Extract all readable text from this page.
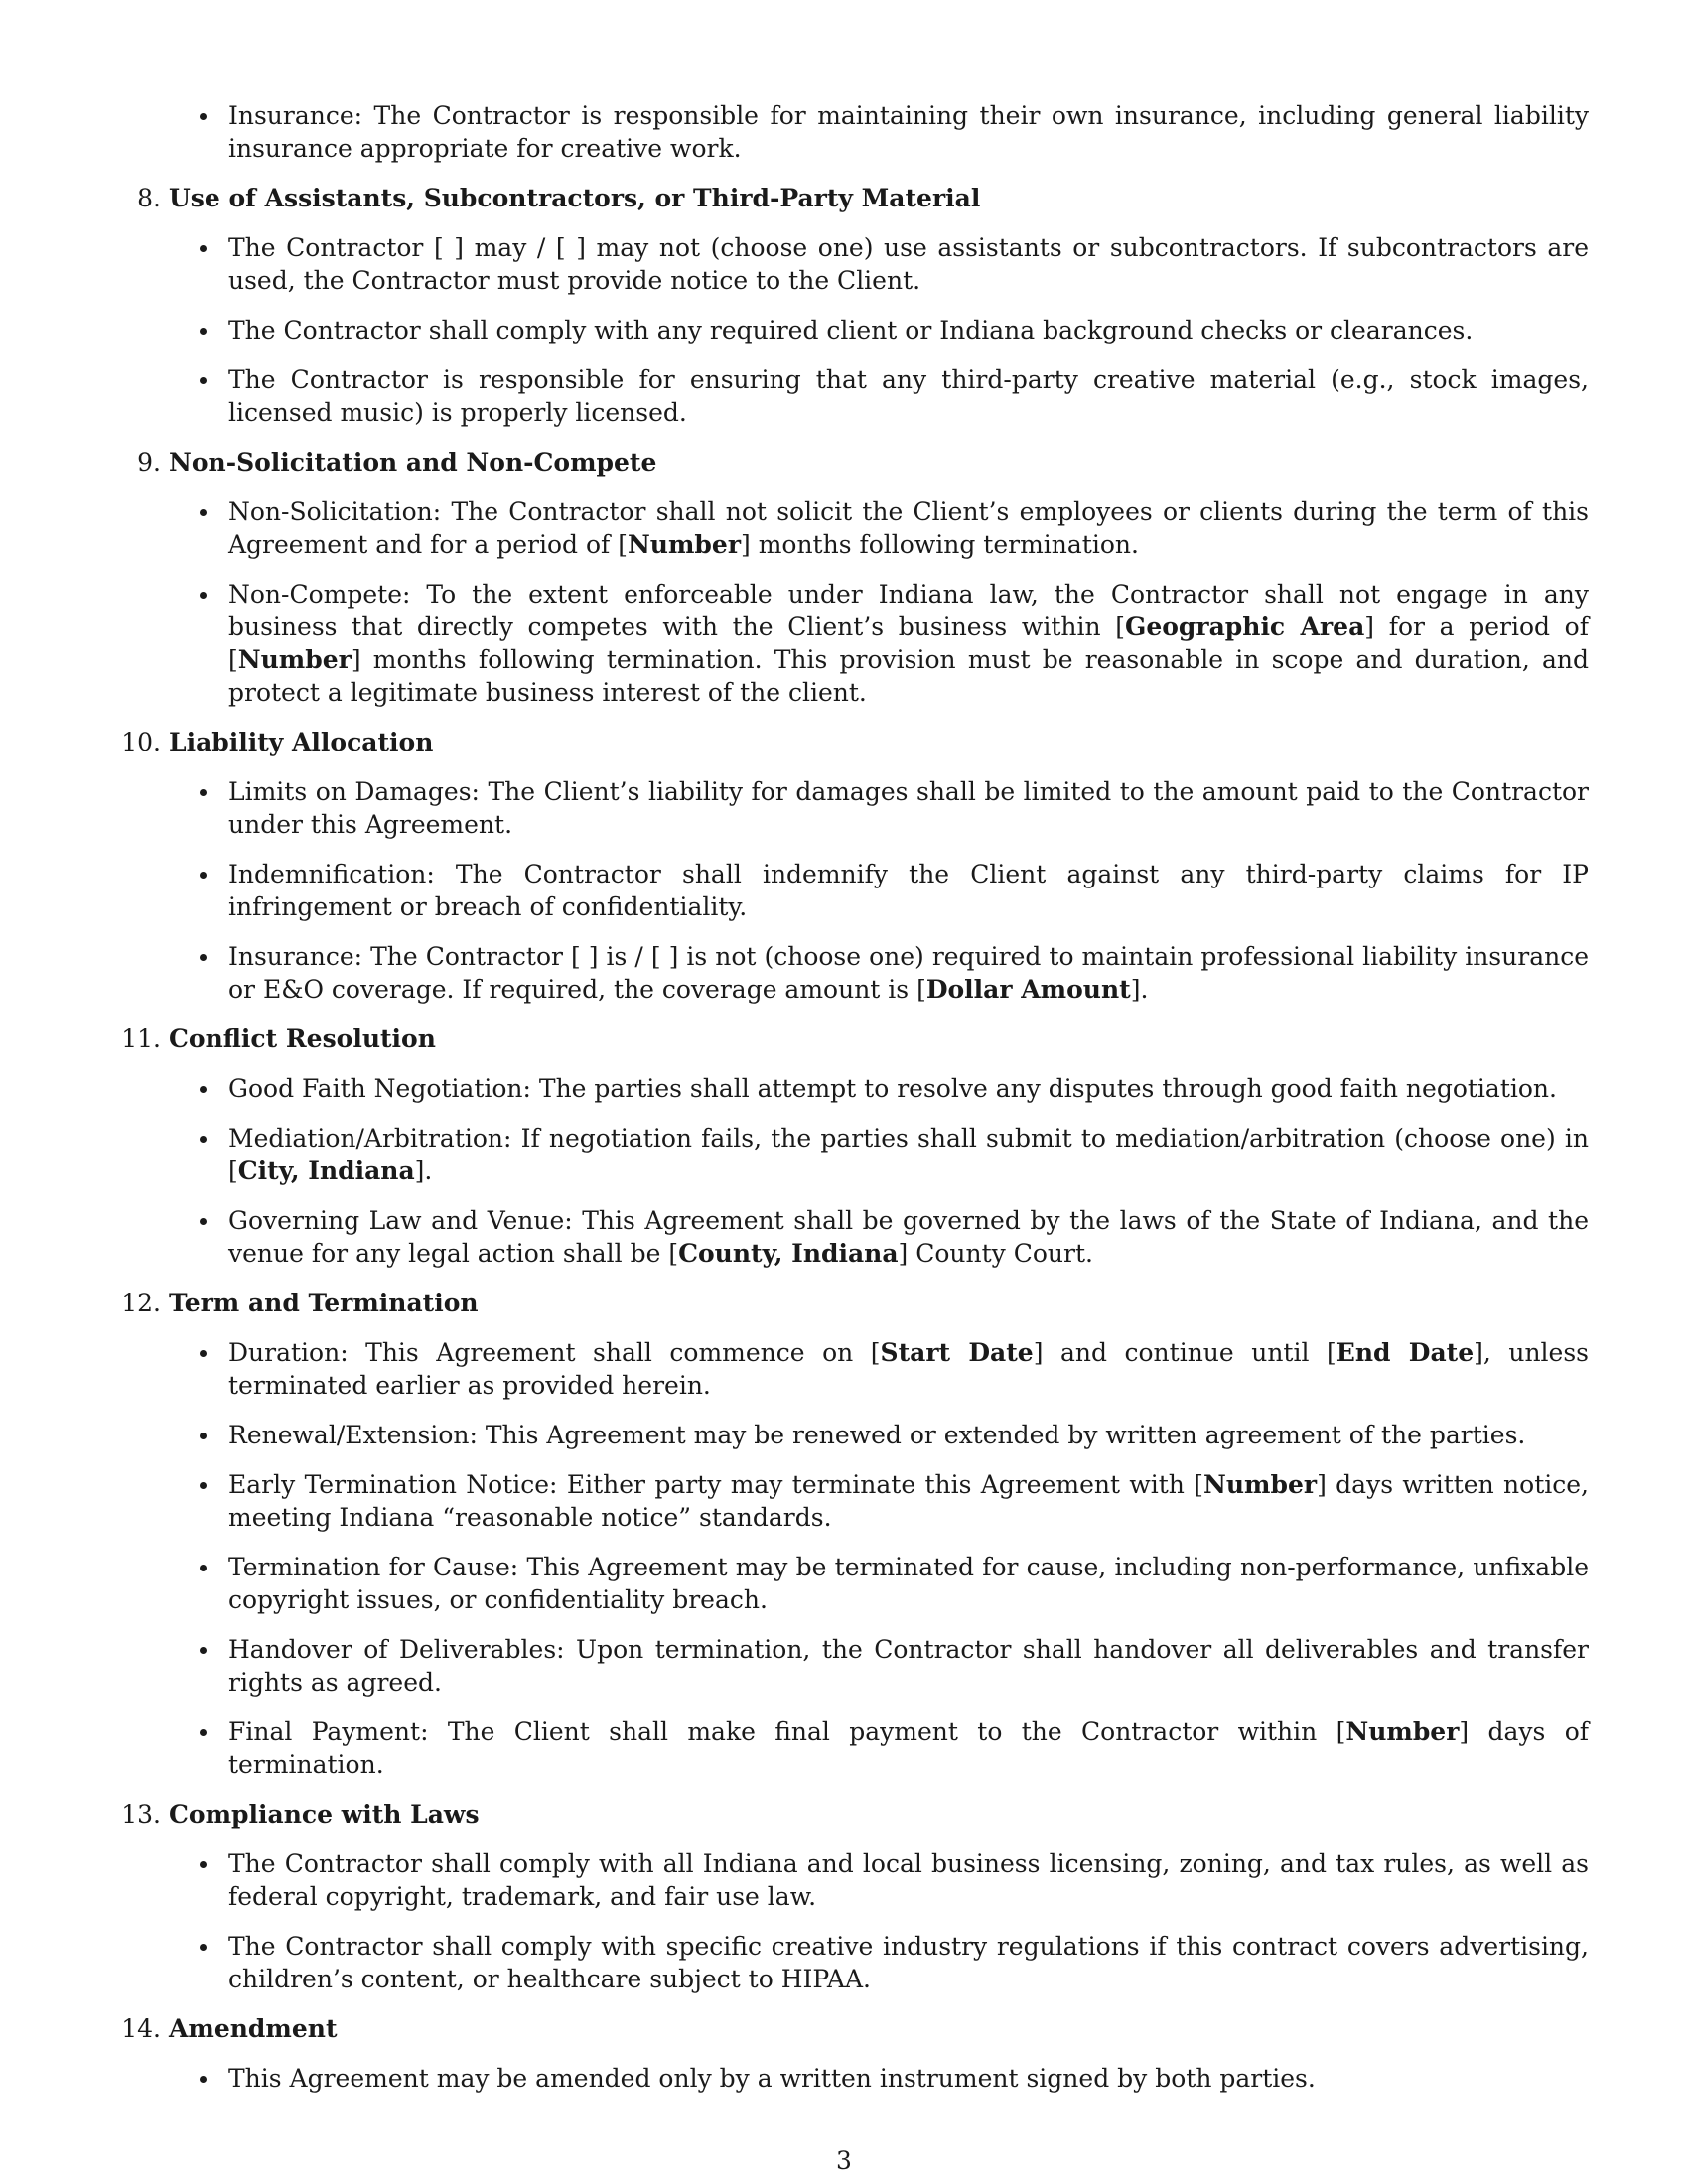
Insurance: The Contractor is responsible for maintaining their own insurance, including general liability insurance appropriate for creative work.
8. Use of Assistants, Subcontractors, or Third-Party Material
The Contractor [ ] may / [ ] may not (choose one) use assistants or subcontractors. If subcontractors are used, the Contractor must provide notice to the Client.
The Contractor shall comply with any required client or Indiana background checks or clearances.
The Contractor is responsible for ensuring that any third-party creative material (e.g., stock images, licensed music) is properly licensed.
9. Non-Solicitation and Non-Compete
Non-Solicitation: The Contractor shall not solicit the Client’s employees or clients during the term of this Agreement and for a period of [Number] months following termination.
Non-Compete: To the extent enforceable under Indiana law, the Contractor shall not engage in any business that directly competes with the Client’s business within [Geographic Area] for a period of [Number] months following termination. This provision must be reasonable in scope and duration, and protect a legitimate business interest of the client.
10. Liability Allocation
Limits on Damages: The Client’s liability for damages shall be limited to the amount paid to the Contractor under this Agreement.
Indemnification: The Contractor shall indemnify the Client against any third-party claims for IP infringement or breach of confidentiality.
Insurance: The Contractor [ ] is / [ ] is not (choose one) required to maintain professional liability insurance or E&O coverage. If required, the coverage amount is [Dollar Amount].
11. Conflict Resolution
Good Faith Negotiation: The parties shall attempt to resolve any disputes through good faith negotiation.
Mediation/Arbitration: If negotiation fails, the parties shall submit to mediation/arbitration (choose one) in [City, Indiana].
Governing Law and Venue: This Agreement shall be governed by the laws of the State of Indiana, and the venue for any legal action shall be [County, Indiana] County Court.
12. Term and Termination
Duration: This Agreement shall commence on [Start Date] and continue until [End Date], unless terminated earlier as provided herein.
Renewal/Extension: This Agreement may be renewed or extended by written agreement of the parties.
Early Termination Notice: Either party may terminate this Agreement with [Number] days written notice, meeting Indiana “reasonable notice” standards.
Termination for Cause: This Agreement may be terminated for cause, including non-performance, unfixable copyright issues, or confidentiality breach.
Handover of Deliverables: Upon termination, the Contractor shall handover all deliverables and transfer rights as agreed.
Final Payment: The Client shall make final payment to the Contractor within [Number] days of termination.
13. Compliance with Laws
The Contractor shall comply with all Indiana and local business licensing, zoning, and tax rules, as well as federal copyright, trademark, and fair use law.
The Contractor shall comply with specific creative industry regulations if this contract covers advertising, children’s content, or healthcare subject to HIPAA.
14. Amendment
This Agreement may be amended only by a written instrument signed by both parties.
3
